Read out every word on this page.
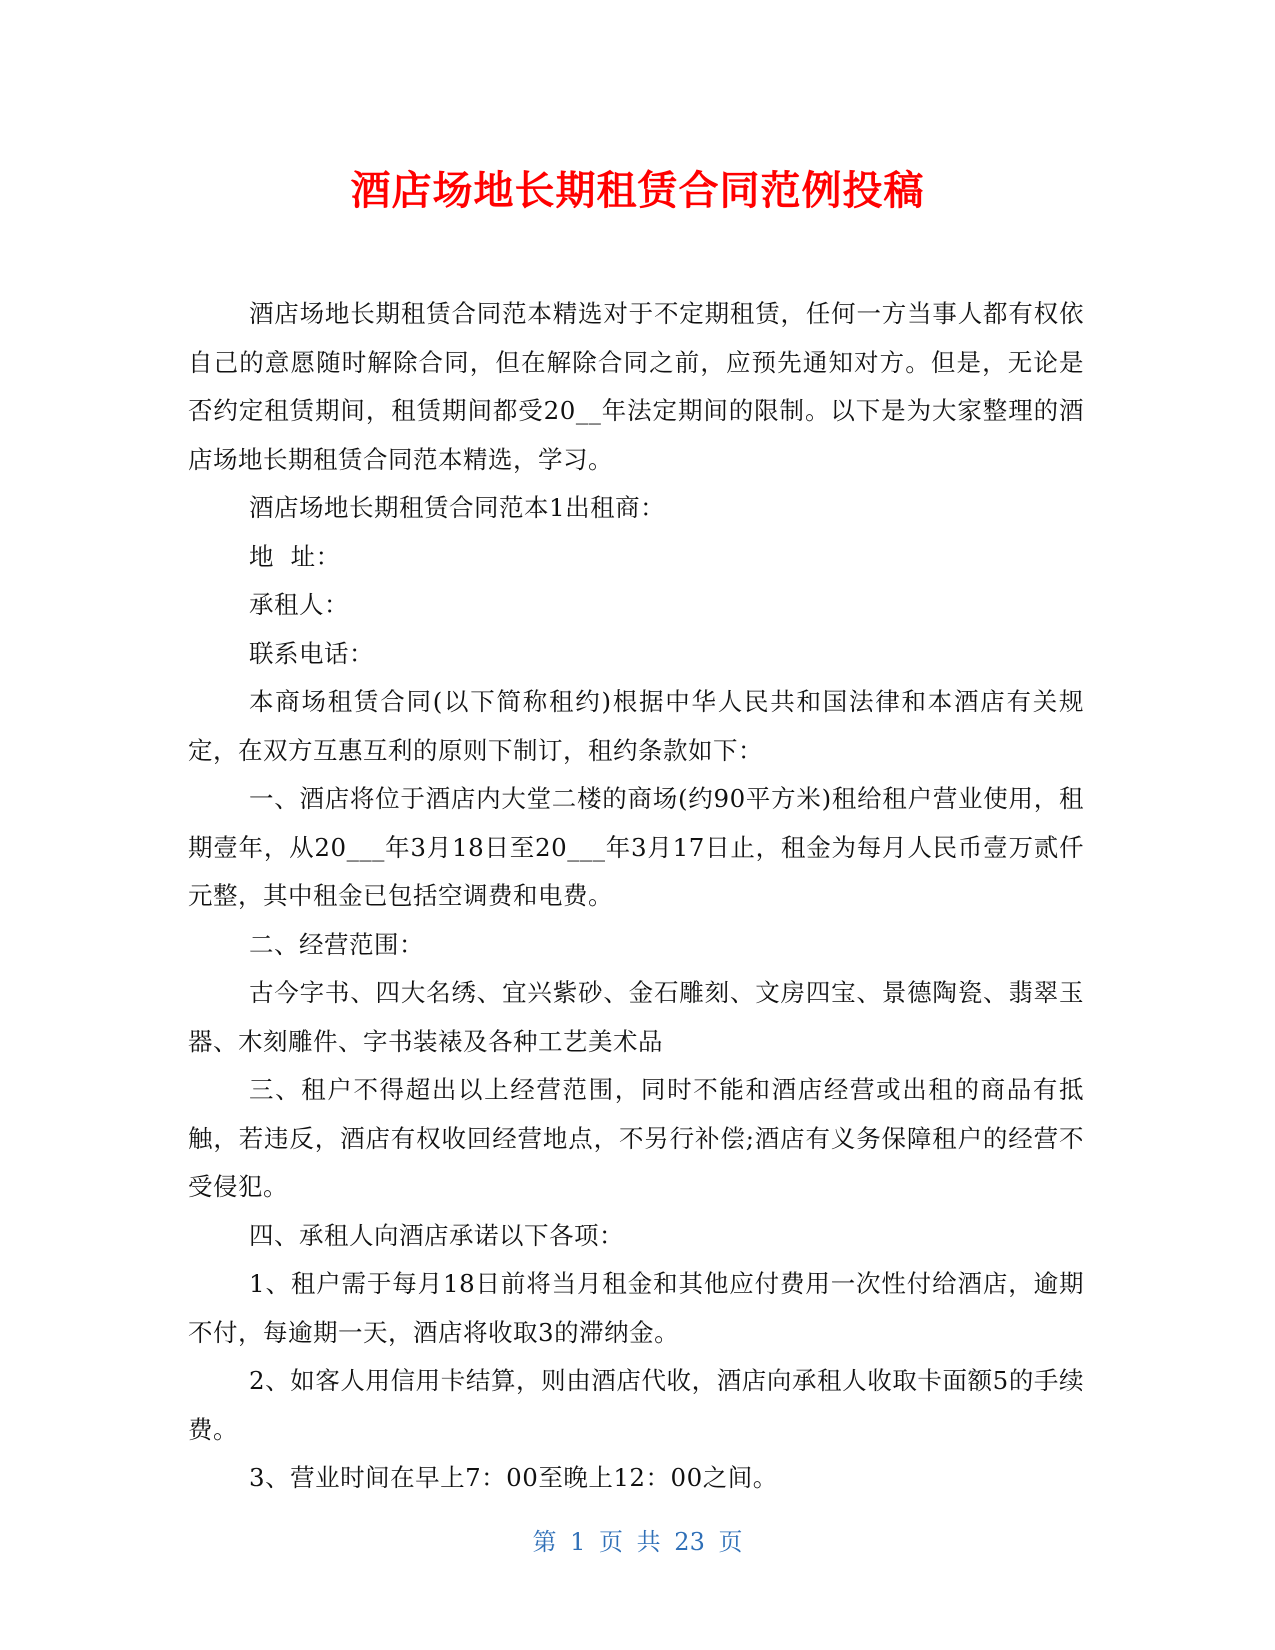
酒店场地长期租赁合同范例投稿

酒店场地长期租赁合同范本精选对于不定期租赁，任何一方当事人都有权依自己的意愿随时解除合同，但在解除合同之前，应预先通知对方。但是，无论是否约定租赁期间，租赁期间都受20__年法定期间的限制。以下是为大家整理的酒店场地长期租赁合同范本精选，学习。

酒店场地长期租赁合同范本1出租商：

地  址：

承租人：

联系电话：

本商场租赁合同(以下简称租约)根据中华人民共和国法律和本酒店有关规定，在双方互惠互利的原则下制订，租约条款如下：

一、酒店将位于酒店内大堂二楼的商场(约90平方米)租给租户营业使用，租期壹年，从20___年3月18日至20___年3月17日止，租金为每月人民币壹万贰仟元整，其中租金已包括空调费和电费。

二、经营范围：

古今字书、四大名绣、宜兴紫砂、金石雕刻、文房四宝、景德陶瓷、翡翠玉器、木刻雕件、字书装裱及各种工艺美术品

三、租户不得超出以上经营范围，同时不能和酒店经营或出租的商品有抵触，若违反，酒店有权收回经营地点，不另行补偿;酒店有义务保障租户的经营不受侵犯。

四、承租人向酒店承诺以下各项：

1、租户需于每月18日前将当月租金和其他应付费用一次性付给酒店，逾期不付，每逾期一天，酒店将收取3的滞纳金。

2、如客人用信用卡结算，则由酒店代收，酒店向承租人收取卡面额5的手续费。

3、营业时间在早上7：00至晚上12：00之间。

第 1 页 共 23 页
